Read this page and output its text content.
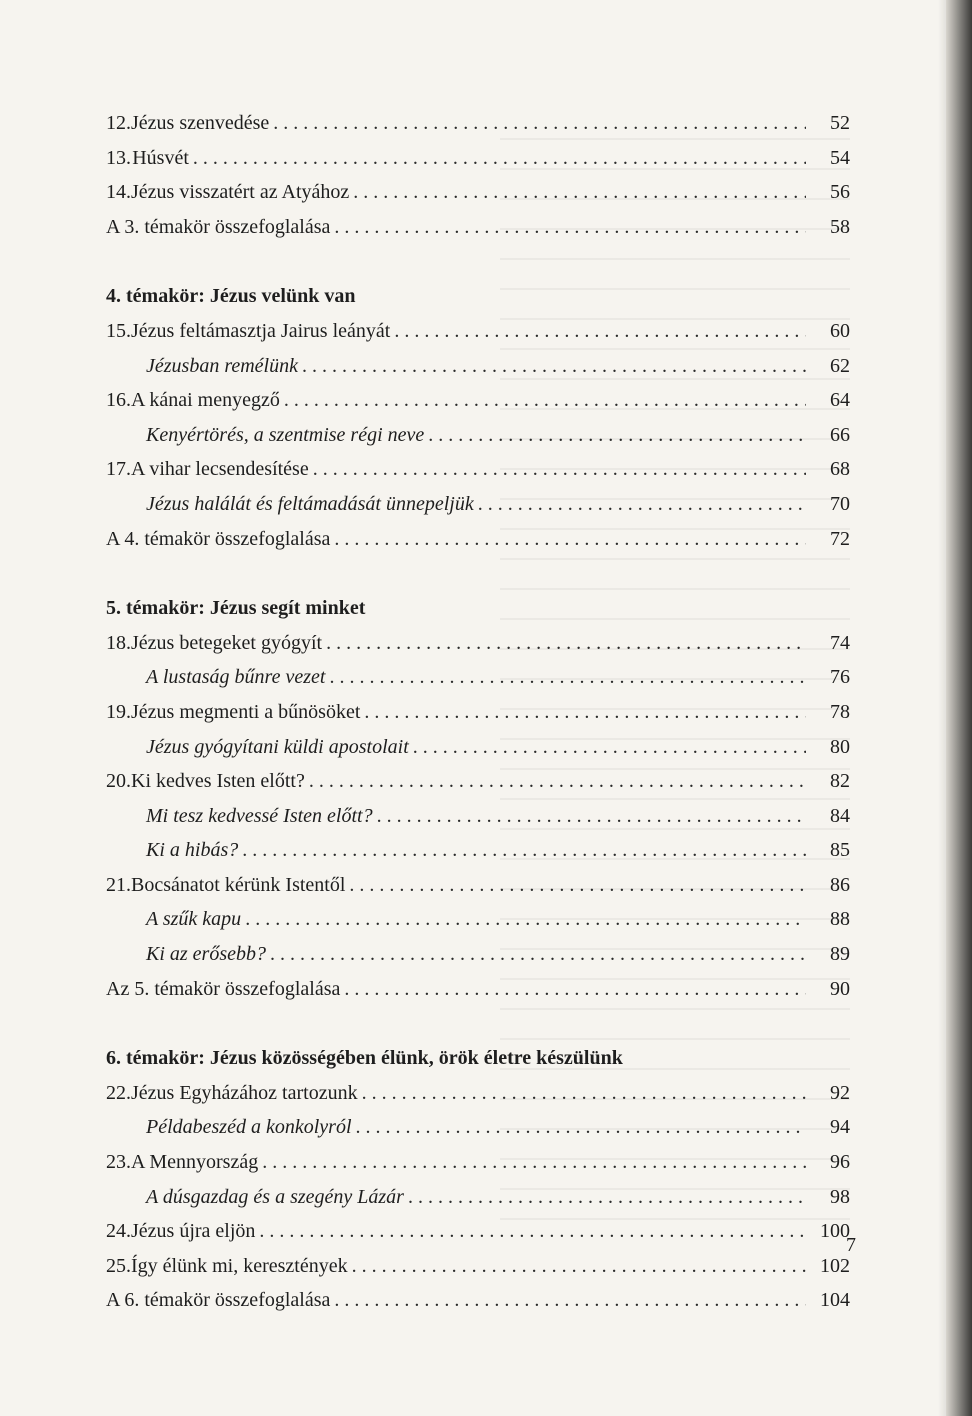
12. Jézus szenvedése . . .	52
13. Húsvét . . .	54
14. Jézus visszatért az Atyához . . .	56
A 3. témakör összefoglalása . . .	58
4. témakör: Jézus velünk van
15. Jézus feltámasztja Jairus leányát . . .	60
Jézusban remélünk . . .	62
16. A kánai menyegző . . .	64
Kenyértörés, a szentmise régi neve . . .	66
17. A vihar lecsendesítése . . .	68
Jézus halálát és feltámadását ünnepeljük . . .	70
A 4. témakör összefoglalása . . .	72
5. témakör: Jézus segít minket
18. Jézus betegeket gyógyít . . .	74
A lustaság bűnre vezet . . .	76
19. Jézus megmenti a bűnösöket . . .	78
Jézus gyógyítani küldi apostolait . . .	80
20. Ki kedves Isten előtt? . . .	82
Mi tesz kedvessé Isten előtt? . . .	84
Ki a hibás? . . .	85
21. Bocsánatot kérünk Istentől . . .	86
A szűk kapu . . .	88
Ki az erősebb? . . .	89
Az 5. témakör összefoglalása . . .	90
6. témakör: Jézus közösségében élünk, örök életre készülünk
22. Jézus Egyházához tartozunk . . .	92
Példabeszéd a konkolyról . . .	94
23. A Mennyország . . .	96
A dúsgazdag és a szegény Lázár . . .	98
24. Jézus újra eljön . . .	100
25. Így élünk mi, keresztények . . .	102
A 6. témakör összefoglalása . . .	104
7
